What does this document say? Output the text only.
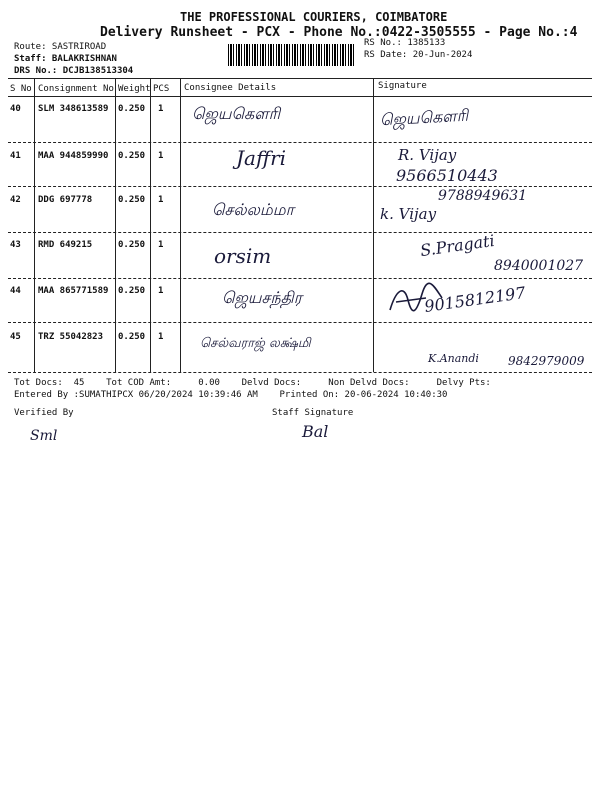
THE PROFESSIONAL COURIERS, COIMBATORE
Delivery Runsheet - PCX - Phone No.:0422-3505555 - Page No.:4
Route: SASTRIROAD
Staff: BALAKRISHNAN
DRS No.: DCJB138513304
RS No.: 1385133
RS Date: 20-Jun-2024
S No Consignment No Weight PCS Consignee Details	Signature
40 SLM 348613589 0.250 1 ஜெயகௌரி	ஜெயகௌரி
41 MAA 944859990 0.250 1	Jaffri	R. Vijay
9566510443
42 DDG 697778	0.250 1	செல்லம்மா
9788949631
k. Vijay
43 RMD 649215	0.250 1	orsim	S.Pragati
8940001027
44 MAA 865771589 0.250 1	ஜெயசந்திர	9015812197
45 TRZ 55042823 0.250 1	செல்வராஜ் லக்ஷ்மி
K.Anandi 9842979009
Tot Docs:  45    Tot COD Amt:     0.00    Delvd Docs:     Non Delvd Docs:     Delvy Pts:
Entered By :SUMATHIPCX 06/20/2024 10:39:46 AM    Printed On: 20-06-2024 10:40:30
Verified By	Staff Signature
Sml	Bal
